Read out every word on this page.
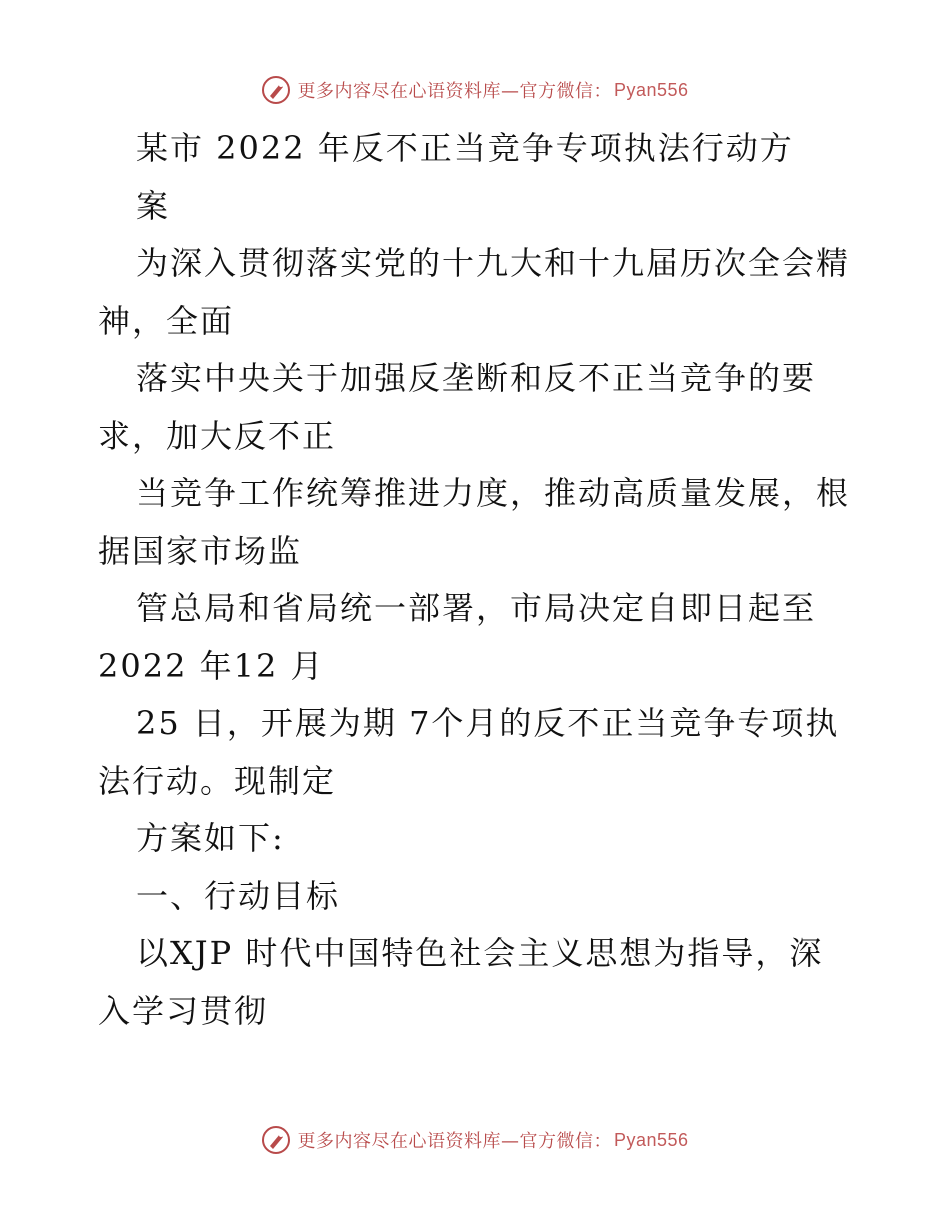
更多内容尽在心语资料库—官方微信： Pyan556
某市 2022 年反不正当竞争专项执法行动方
案
为深入贯彻落实党的十九大和十九届历次全会精
神，全面
落实中央关于加强反垄断和反不正当竞争的要
求，加大反不正
当竞争工作统筹推进力度，推动高质量发展，根
据国家市场监
管总局和省局统一部署，市局决定自即日起至
2022 年12 月
25 日，开展为期 7个月的反不正当竞争专项执
法行动。现制定
方案如下:
一、行动目标
以XJP 时代中国特色社会主义思想为指导，深
入学习贯彻
更多内容尽在心语资料库—官方微信： Pyan556
